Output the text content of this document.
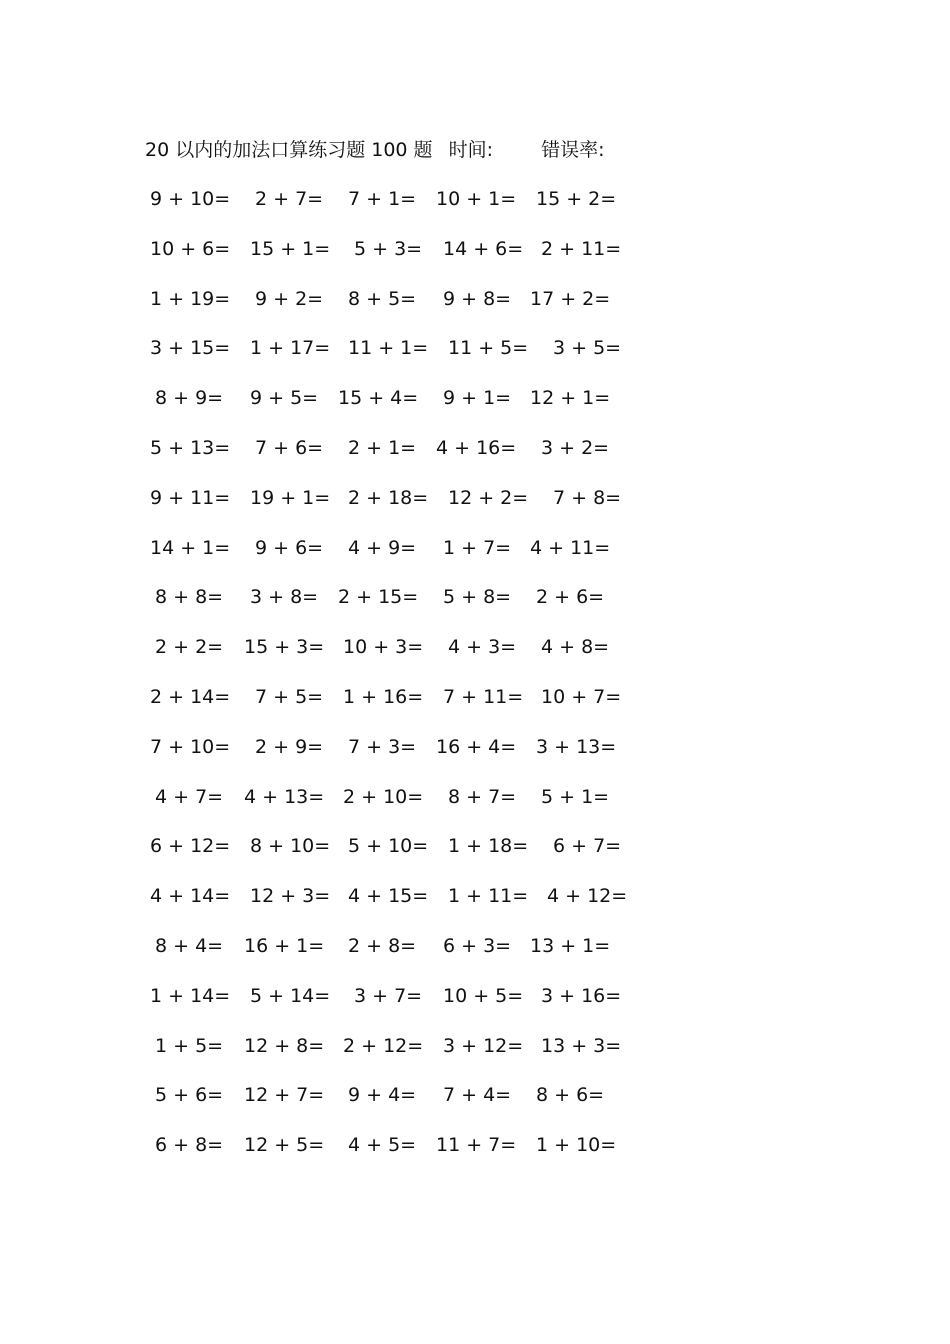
20 以内的加法口算练习题 100 题 时间:	错误率:
9 + 10= 2 + 7= 7 + 1= 10 + 1= 15 + 2=
10 + 6= 15 + 1= 5 + 3= 14 + 6= 2 + 11=
1 + 19= 9 + 2= 8 + 5= 9 + 8= 17 + 2=
3 + 15= 1 + 17= 11 + 1= 11 + 5= 3 + 5=
8 + 9= 9 + 5= 15 + 4= 9 + 1= 12 + 1=
5 + 13= 7 + 6= 2 + 1= 4 + 16= 3 + 2=
9 + 11= 19 + 1= 2 + 18= 12 + 2= 7 + 8=
14 + 1= 9 + 6= 4 + 9= 1 + 7= 4 + 11=
8 + 8= 3 + 8= 2 + 15= 5 + 8= 2 + 6=
2 + 2= 15 + 3= 10 + 3= 4 + 3= 4 + 8=
2 + 14= 7 + 5= 1 + 16= 7 + 11= 10 + 7=
7 + 10= 2 + 9= 7 + 3= 16 + 4= 3 + 13=
4 + 7= 4 + 13= 2 + 10= 8 + 7= 5 + 1=
6 + 12= 8 + 10= 5 + 10= 1 + 18= 6 + 7=
4 + 14= 12 + 3= 4 + 15= 1 + 11= 4 + 12=
8 + 4= 16 + 1= 2 + 8= 6 + 3= 13 + 1=
1 + 14= 5 + 14= 3 + 7= 10 + 5= 3 + 16=
1 + 5= 12 + 8= 2 + 12= 3 + 12= 13 + 3=
5 + 6= 12 + 7= 9 + 4= 7 + 4= 8 + 6=
6 + 8= 12 + 5= 4 + 5= 11 + 7= 1 + 10=
